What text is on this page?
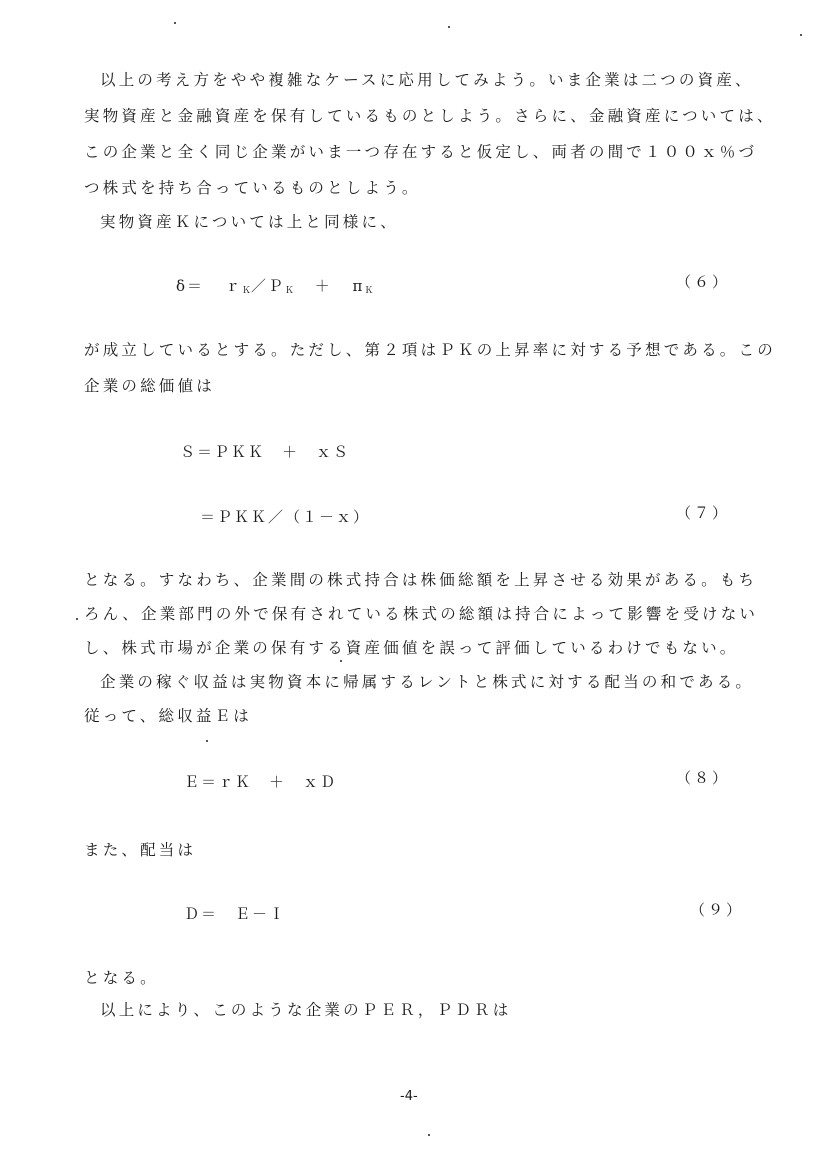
以上の考え方をやや複雑なケースに応用してみよう。いま企業は二つの資産、
実物資産と金融資産を保有しているものとしよう。さらに、金融資産については、
この企業と全く同じ企業がいま一つ存在すると仮定し、両者の間で１００ｘ％づ
つ株式を持ち合っているものとしよう。
実物資産Ｋについては上と同様に、
δ＝ ｒ$_K$／Ｐ$_K$ ＋ $\pi_K$	（６）
が成立しているとする。ただし、第２項はＰＫの上昇率に対する予想である。この
企業の総価値は
Ｓ＝ＰＫＫ　＋　ｘＳ
＝ＰＫＫ／（１－ｘ）	（７）
となる。すなわち、企業間の株式持合は株価総額を上昇させる効果がある。もち
ろん、企業部門の外で保有されている株式の総額は持合によって影響を受けない
し、株式市場が企業の保有する資産価値を誤って評価しているわけでもない。
企業の稼ぐ収益は実物資本に帰属するレントと株式に対する配当の和である。
従って、総収益Ｅは
Ｅ＝ｒＫ　＋　ｘＤ	（８）
また、配当は
Ｄ＝　Ｅ－Ｉ	（９）
となる。
以上により、このような企業のＰＥＲ，ＰＤＲは
-4-
